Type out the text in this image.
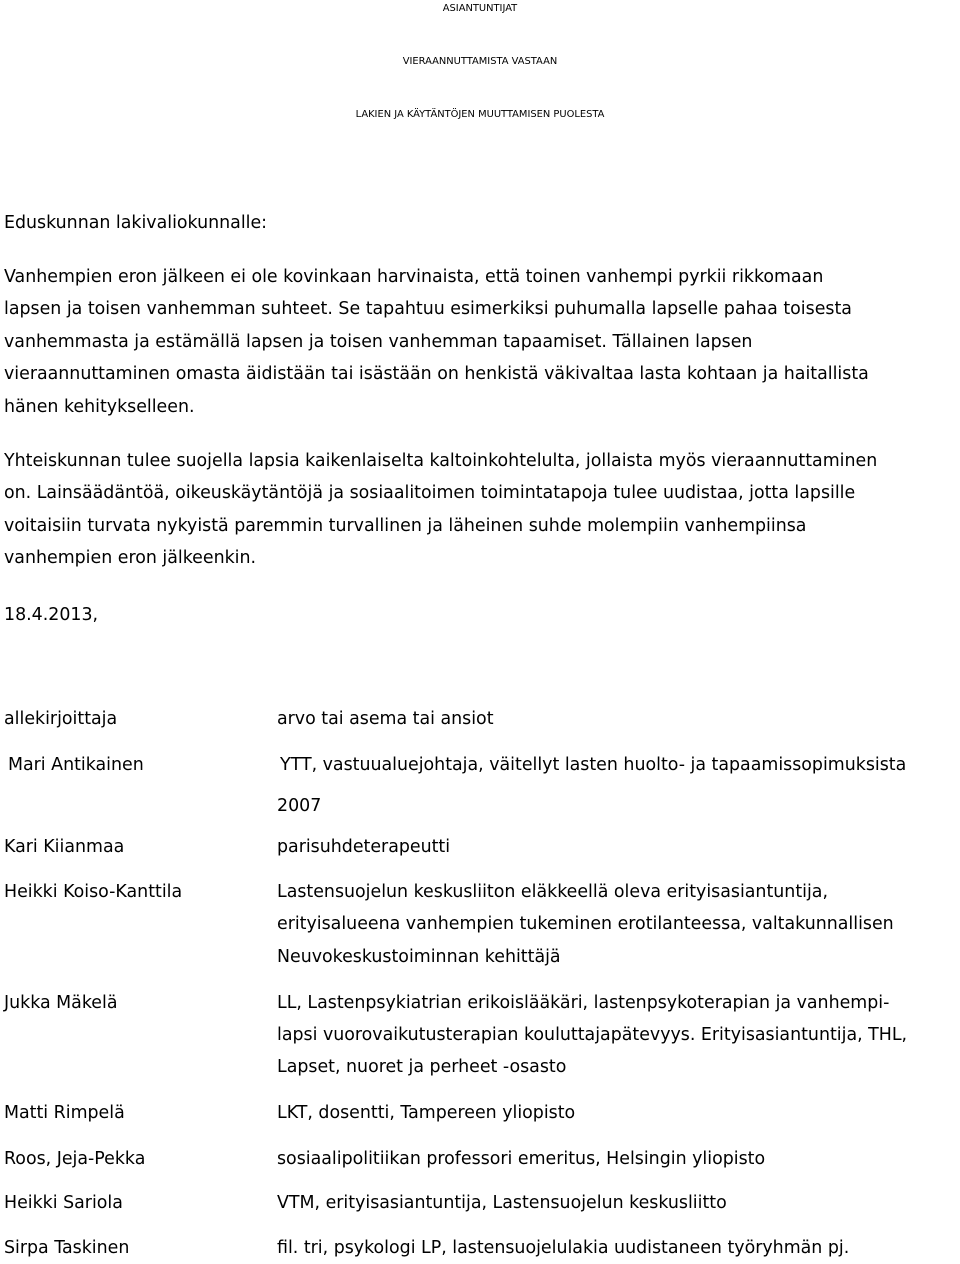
ASIANTUNTIJAT
VIERAANNUTTAMISTA VASTAAN
LAKIEN JA KÄYTÄNTÖJEN MUUTTAMISEN PUOLESTA
Eduskunnan lakivaliokunnalle:
Vanhempien eron jälkeen ei ole kovinkaan harvinaista, että toinen vanhempi pyrkii rikkomaan
lapsen ja toisen vanhemman suhteet. Se tapahtuu esimerkiksi puhumalla lapselle pahaa toisesta
vanhemmasta ja estämällä lapsen ja toisen vanhemman tapaamiset. Tällainen lapsen
vieraannuttaminen omasta äidistään tai isästään on henkistä väkivaltaa lasta kohtaan ja haitallista
hänen kehitykselleen.
Yhteiskunnan tulee suojella lapsia kaikenlaiselta kaltoinkohtelulta, jollaista myös vieraannuttaminen
on. Lainsäädäntöä, oikeuskäytäntöjä ja sosiaalitoimen toimintatapoja tulee uudistaa, jotta lapsille
voitaisiin turvata nykyistä paremmin turvallinen ja läheinen suhde molempiin vanhempiinsa
vanhempien eron jälkeenkin.
18.4.2013,
allekirjoittaja	arvo tai asema tai ansiot
Mari Antikainen	YTT, vastuualuejohtaja, väitellyt lasten huolto- ja tapaamissopimuksista
2007
Kari Kiianmaa	parisuhdeterapeutti
Heikki Koiso-Kanttila	Lastensuojelun keskusliiton eläkkeellä oleva erityisasiantuntija,
erityisalueena vanhempien tukeminen erotilanteessa, valtakunnallisen
Neuvokeskustoiminnan kehittäjä
Jukka Mäkelä	LL, Lastenpsykiatrian erikoislääkäri, lastenpsykoterapian ja vanhempi-
lapsi vuorovaikutusterapian kouluttajapätevyys. Erityisasiantuntija, THL,
Lapset, nuoret ja perheet -osasto
Matti Rimpelä	LKT, dosentti, Tampereen yliopisto
Roos, Jeja-Pekka	sosiaalipolitiikan professori emeritus, Helsingin yliopisto
Heikki Sariola	VTM, erityisasiantuntija, Lastensuojelun keskusliitto
Sirpa Taskinen	fil. tri, psykologi LP, lastensuojelulakia uudistaneen työryhmän pj.
